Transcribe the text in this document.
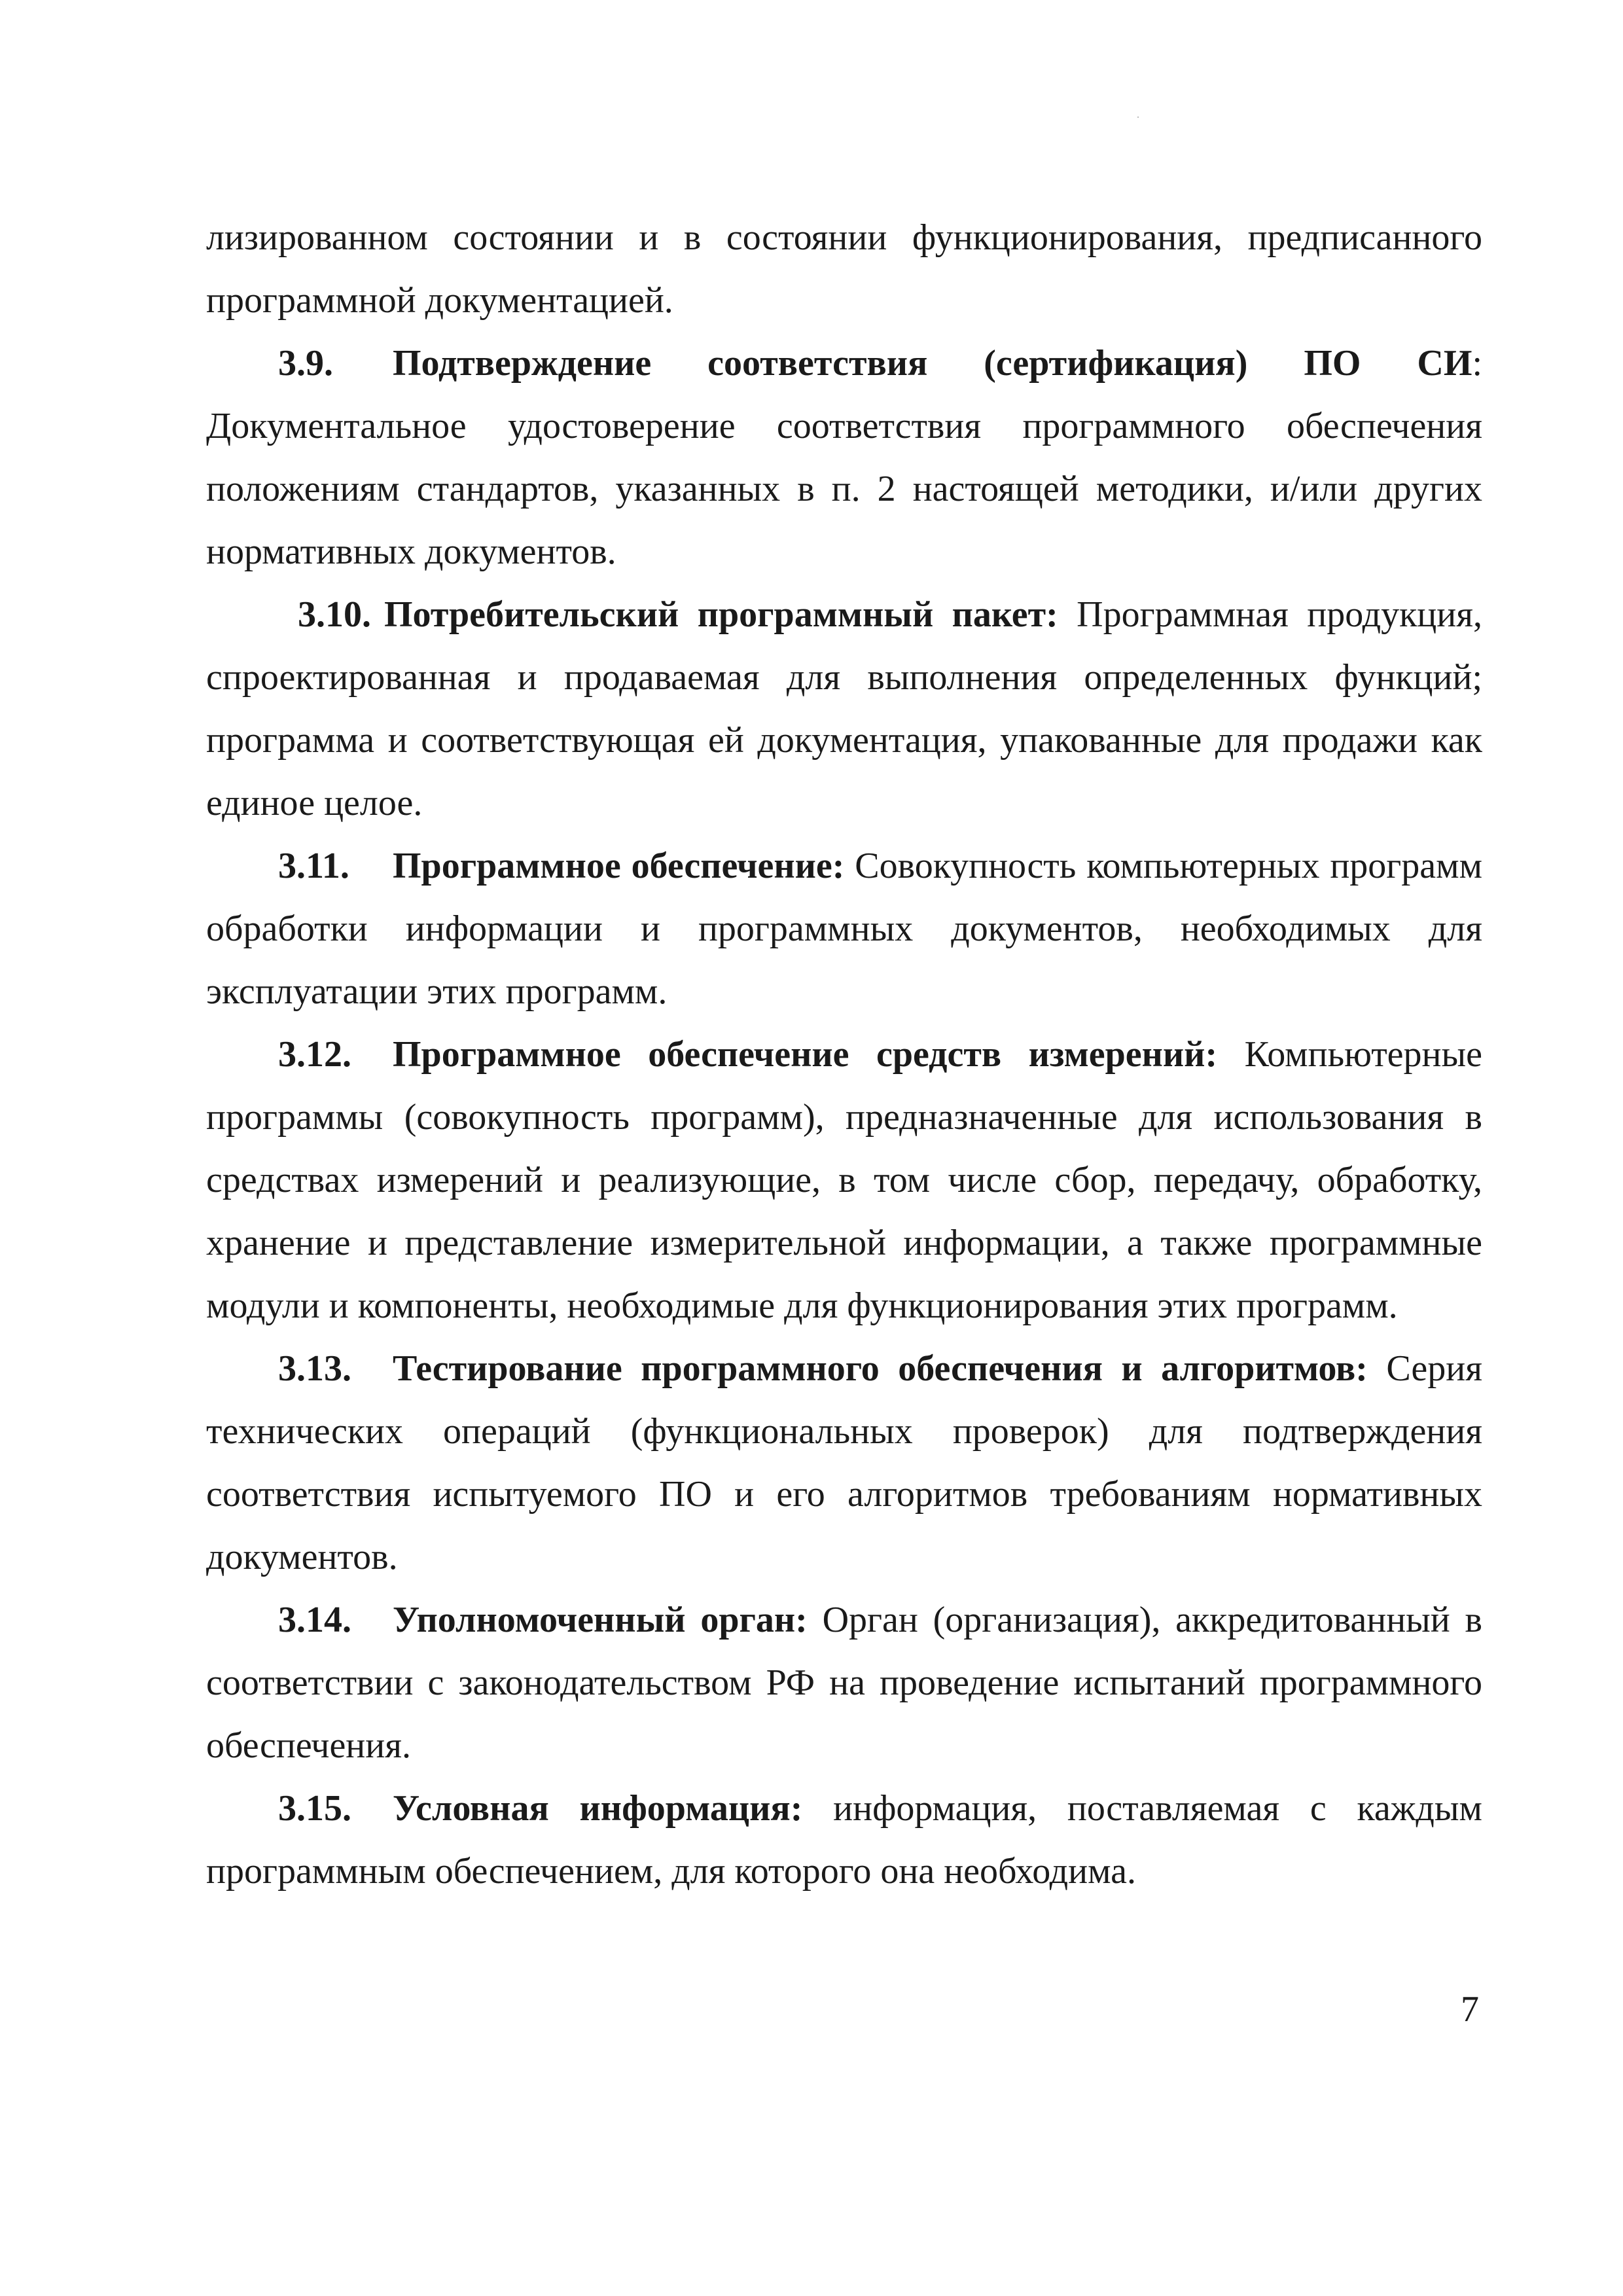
лизированном состоянии и в состоянии функционирования, предписанного программной документацией.

3.9. Подтверждение соответствия (сертификация) ПО СИ: Документальное удостоверение соответствия программного обеспечения положениям стандартов, указанных в п. 2 настоящей методики, и/или других нормативных документов.

3.10. Потребительский программный пакет: Программная продукция, спроектированная и продаваемая для выполнения определенных функций; программа и соответствующая ей документация, упакованные для продажи как единое целое.

3.11. Программное обеспечение: Совокупность компьютерных программ обработки информации и программных документов, необходимых для эксплуатации этих программ.

3.12. Программное обеспечение средств измерений: Компьютерные программы (совокупность программ), предназначенные для использования в средствах измерений и реализующие, в том числе сбор, передачу, обработку, хранение и представление измерительной информации, а также программные модули и компоненты, необходимые для функционирования этих программ.

3.13. Тестирование программного обеспечения и алгоритмов: Серия технических операций (функциональных проверок) для подтверждения соответствия испытуемого ПО и его алгоритмов требованиям нормативных документов.

3.14. Уполномоченный орган: Орган (организация), аккредитованный в соответствии с законодательством РФ на проведение испытаний программного обеспечения.

3.15. Условная информация: информация, поставляемая с каждым программным обеспечением, для которого она необходима.

7
